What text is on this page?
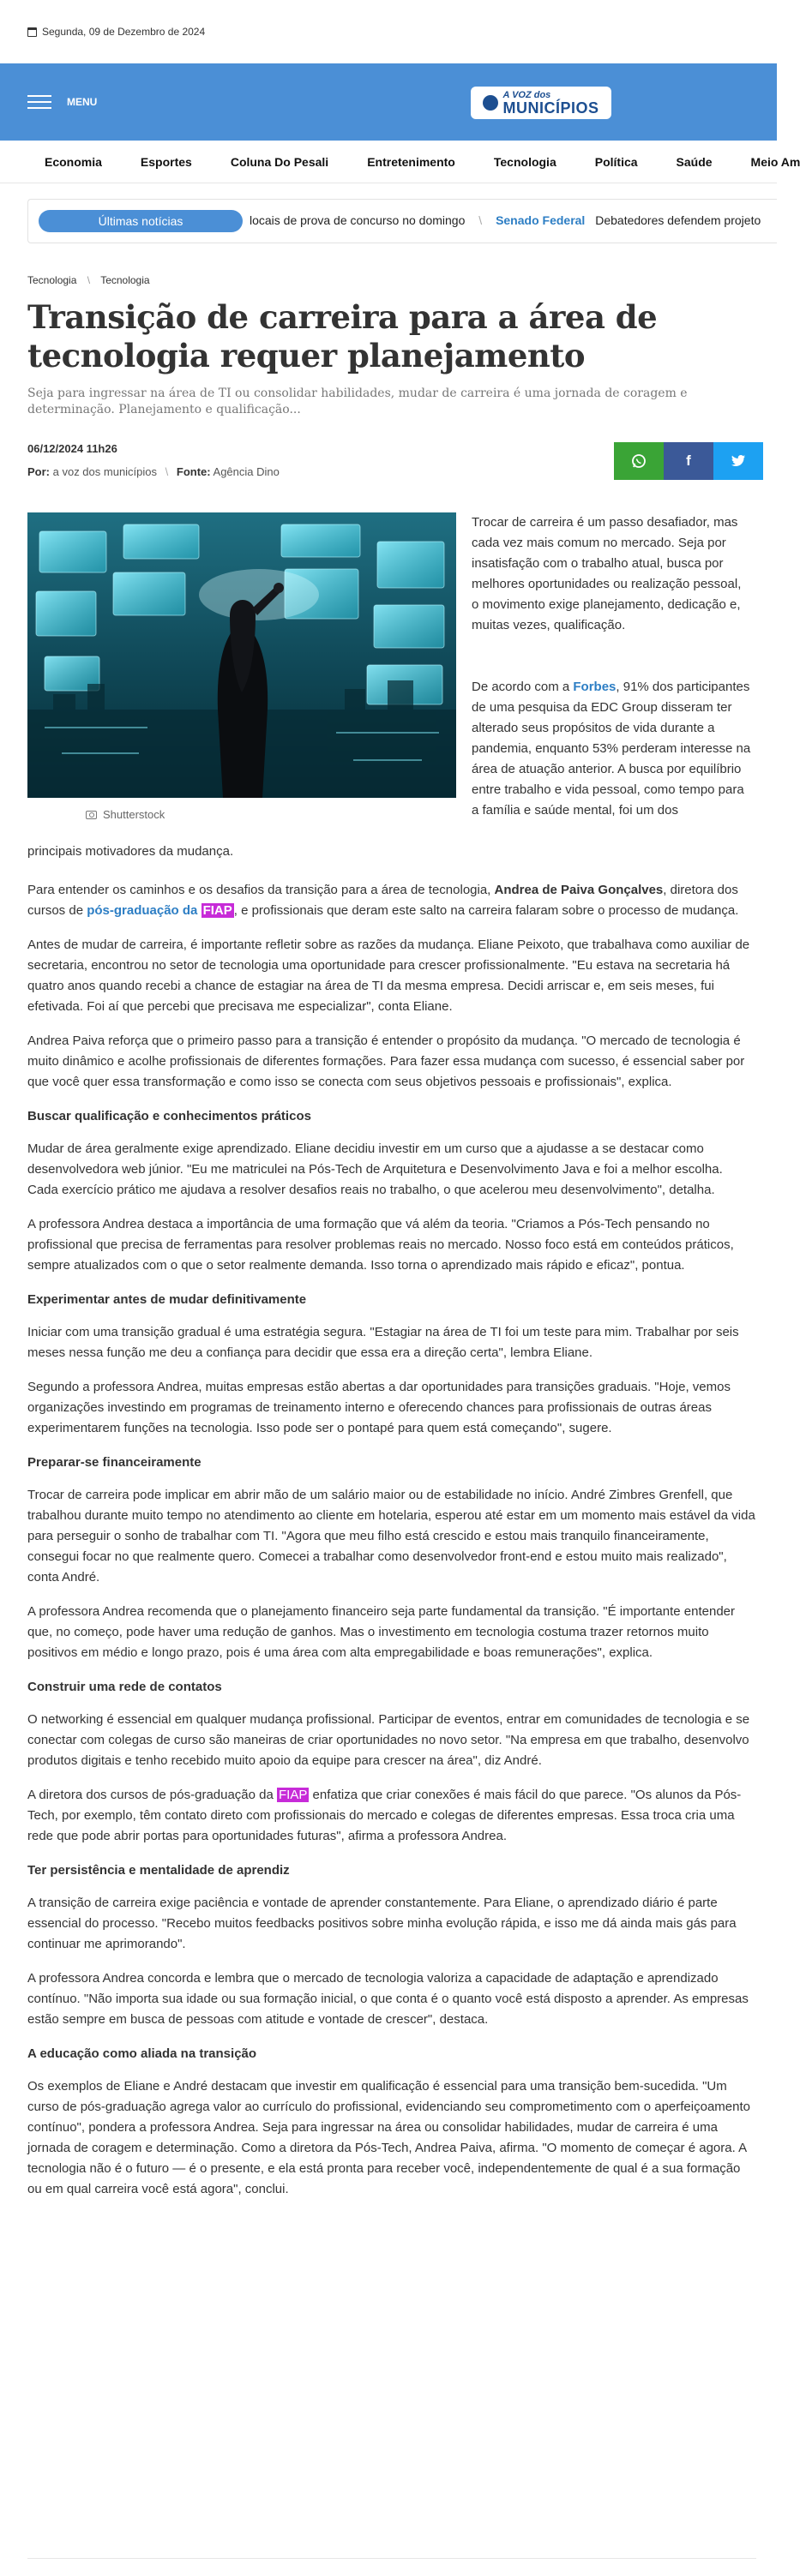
Segunda, 09 de Dezembro de 2024
MENU
A VOZ dos
MUNICÍPIOS
Economia	Esportes	Coluna Do Pesali	Entretenimento	Tecnologia	Política	Saúde	Meio Am
locais de prova de concurso no domingo \ Senado Federal Debatedores defendem projeto
Últimas notícias
Tecnologia \ Tecnologia
Transição de carreira para a área de tecnologia requer planejamento
Seja para ingressar na área de TI ou consolidar habilidades, mudar de carreira é uma jornada de coragem e determinação. Planejamento e qualificação...
06/12/2024 11h26
Por: a voz dos municípios \ Fonte: Agência Dino
f
Shutterstock

Trocar de carreira é um passo desafiador, mas cada vez mais comum no mercado. Seja por insatisfação com o trabalho atual, busca por melhores oportunidades ou realização pessoal, o movimento exige planejamento, dedicação e, muitas vezes, qualificação.

De acordo com a Forbes, 91% dos participantes de uma pesquisa da EDC Group disseram ter alterado seus propósitos de vida durante a pandemia, enquanto 53% perderam interesse na área de atuação anterior. A busca por equilíbrio entre trabalho e vida pessoal, como tempo para a família e saúde mental, foi um dos

principais motivadores da mudança.

Para entender os caminhos e os desafios da transição para a área de tecnologia, Andrea de Paiva Gonçalves, diretora dos cursos de pós-graduação da FIAP , e profissionais que deram este salto na carreira falaram sobre o processo de mudança.

Antes de mudar de carreira, é importante refletir sobre as razões da mudança. Eliane Peixoto, que trabalhava como auxiliar de secretaria, encontrou no setor de tecnologia uma oportunidade para crescer profissionalmente. "Eu estava na secretaria há quatro anos quando recebi a chance de estagiar na área de TI da mesma empresa. Decidi arriscar e, em seis meses, fui efetivada. Foi aí que percebi que precisava me especializar", conta Eliane.

Andrea Paiva reforça que o primeiro passo para a transição é entender o propósito da mudança. "O mercado de tecnologia é muito dinâmico e acolhe profissionais de diferentes formações. Para fazer essa mudança com sucesso, é essencial saber por que você quer essa transformação e como isso se conecta com seus objetivos pessoais e profissionais", explica.

Buscar qualificação e conhecimentos práticos

Mudar de área geralmente exige aprendizado. Eliane decidiu investir em um curso que a ajudasse a se destacar como desenvolvedora web júnior. "Eu me matriculei na Pós-Tech de Arquitetura e Desenvolvimento Java e foi a melhor escolha. Cada exercício prático me ajudava a resolver desafios reais no trabalho, o que acelerou meu desenvolvimento", detalha.

A professora Andrea destaca a importância de uma formação que vá além da teoria. "Criamos a Pós-Tech pensando no profissional que precisa de ferramentas para resolver problemas reais no mercado. Nosso foco está em conteúdos práticos, sempre atualizados com o que o setor realmente demanda. Isso torna o aprendizado mais rápido e eficaz", pontua.

Experimentar antes de mudar definitivamente

Iniciar com uma transição gradual é uma estratégia segura. "Estagiar na área de TI foi um teste para mim. Trabalhar por seis meses nessa função me deu a confiança para decidir que essa era a direção certa", lembra Eliane.

Segundo a professora Andrea, muitas empresas estão abertas a dar oportunidades para transições graduais. "Hoje, vemos organizações investindo em programas de treinamento interno e oferecendo chances para profissionais de outras áreas experimentarem funções na tecnologia. Isso pode ser o pontapé para quem está começando", sugere.

Preparar-se financeiramente

Trocar de carreira pode implicar em abrir mão de um salário maior ou de estabilidade no início. André Zimbres Grenfell, que trabalhou durante muito tempo no atendimento ao cliente em hotelaria, esperou até estar em um momento mais estável da vida para perseguir o sonho de trabalhar com TI. "Agora que meu filho está crescido e estou mais tranquilo financeiramente, consegui focar no que realmente quero. Comecei a trabalhar como desenvolvedor front-end e estou muito mais realizado", conta André.

A professora Andrea recomenda que o planejamento financeiro seja parte fundamental da transição. "É importante entender que, no começo, pode haver uma redução de ganhos. Mas o investimento em tecnologia costuma trazer retornos muito positivos em médio e longo prazo, pois é uma área com alta empregabilidade e boas remunerações", explica.

Construir uma rede de contatos

O networking é essencial em qualquer mudança profissional. Participar de eventos, entrar em comunidades de tecnologia e se conectar com colegas de curso são maneiras de criar oportunidades no novo setor. "Na empresa em que trabalho, desenvolvo produtos digitais e tenho recebido muito apoio da equipe para crescer na área", diz André.

A diretora dos cursos de pós-graduação da FIAP enfatiza que criar conexões é mais fácil do que parece. "Os alunos da Pós-Tech, por exemplo, têm contato direto com profissionais do mercado e colegas de diferentes empresas. Essa troca cria uma rede que pode abrir portas para oportunidades futuras", afirma a professora Andrea.

Ter persistência e mentalidade de aprendiz

A transição de carreira exige paciência e vontade de aprender constantemente. Para Eliane, o aprendizado diário é parte essencial do processo. "Recebo muitos feedbacks positivos sobre minha evolução rápida, e isso me dá ainda mais gás para continuar me aprimorando".

A professora Andrea concorda e lembra que o mercado de tecnologia valoriza a capacidade de adaptação e aprendizado contínuo. "Não importa sua idade ou sua formação inicial, o que conta é o quanto você está disposto a aprender. As empresas estão sempre em busca de pessoas com atitude e vontade de crescer", destaca.

A educação como aliada na transição

Os exemplos de Eliane e André destacam que investir em qualificação é essencial para uma transição bem-sucedida. "Um curso de pós-graduação agrega valor ao currículo do profissional, evidenciando seu comprometimento com o aperfeiçoamento contínuo", pondera a professora Andrea. Seja para ingressar na área ou consolidar habilidades, mudar de carreira é uma jornada de coragem e determinação. Como a diretora da Pós-Tech, Andrea Paiva, afirma. "O momento de começar é agora. A tecnologia não é o futuro — é o presente, e ela está pronta para receber você, independentemente de qual é a sua formação ou em qual carreira você está agora", conclui.
